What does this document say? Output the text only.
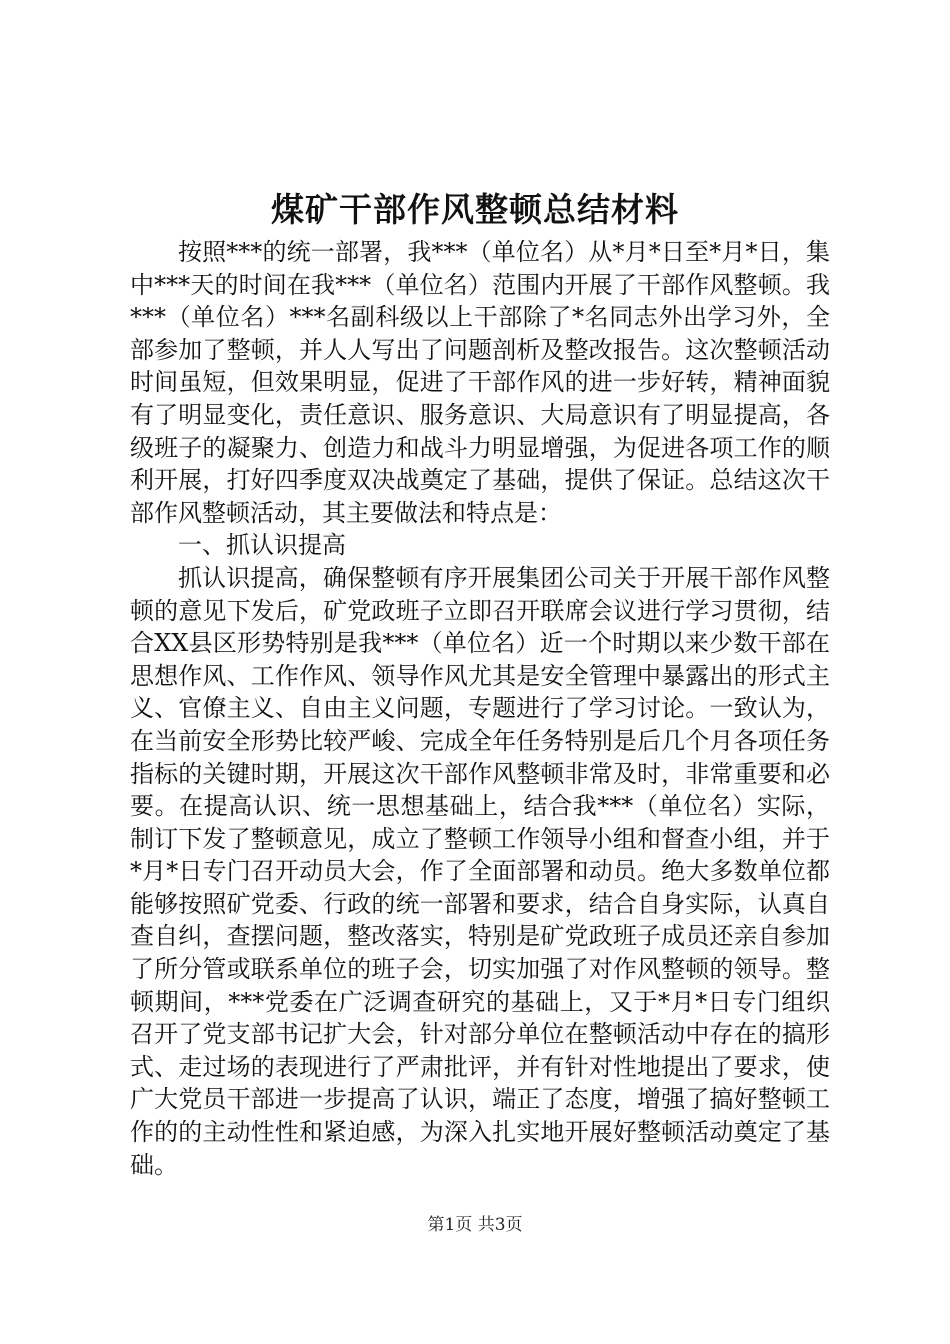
煤矿干部作风整顿总结材料

按照***的统一部署，我***（单位名）从*月*日至*月*日，集中***天的时间在我***（单位名）范围内开展了干部作风整顿。我***（单位名）***名副科级以上干部除了*名同志外出学习外，全部参加了整顿，并人人写出了问题剖析及整改报告。这次整顿活动时间虽短，但效果明显，促进了干部作风的进一步好转，精神面貌有了明显变化，责任意识、服务意识、大局意识有了明显提高，各级班子的凝聚力、创造力和战斗力明显增强，为促进各项工作的顺利开展，打好四季度双决战奠定了基础，提供了保证。总结这次干部作风整顿活动，其主要做法和特点是：

一、抓认识提高

抓认识提高，确保整顿有序开展集团公司关于开展干部作风整顿的意见下发后，矿党政班子立即召开联席会议进行学习贯彻，结合XX县区形势特别是我***（单位名）近一个时期以来少数干部在思想作风、工作作风、领导作风尤其是安全管理中暴露出的形式主义、官僚主义、自由主义问题，专题进行了学习讨论。一致认为，在当前安全形势比较严峻、完成全年任务特别是后几个月各项任务指标的关键时期，开展这次干部作风整顿非常及时，非常重要和必要。在提高认识、统一思想基础上，结合我***（单位名）实际，制订下发了整顿意见，成立了整顿工作领导小组和督查小组，并于*月*日专门召开动员大会，作了全面部署和动员。绝大多数单位都能够按照矿党委、行政的统一部署和要求，结合自身实际，认真自查自纠，查摆问题，整改落实，特别是矿党政班子成员还亲自参加了所分管或联系单位的班子会，切实加强了对作风整顿的领导。整顿期间，***党委在广泛调查研究的基础上，又于*月*日专门组织召开了党支部书记扩大会，针对部分单位在整顿活动中存在的搞形式、走过场的表现进行了严肃批评，并有针对性地提出了要求，使广大党员干部进一步提高了认识，端正了态度，增强了搞好整顿工作的的主动性性和紧迫感，为深入扎实地开展好整顿活动奠定了基础。

第1页 共3页
